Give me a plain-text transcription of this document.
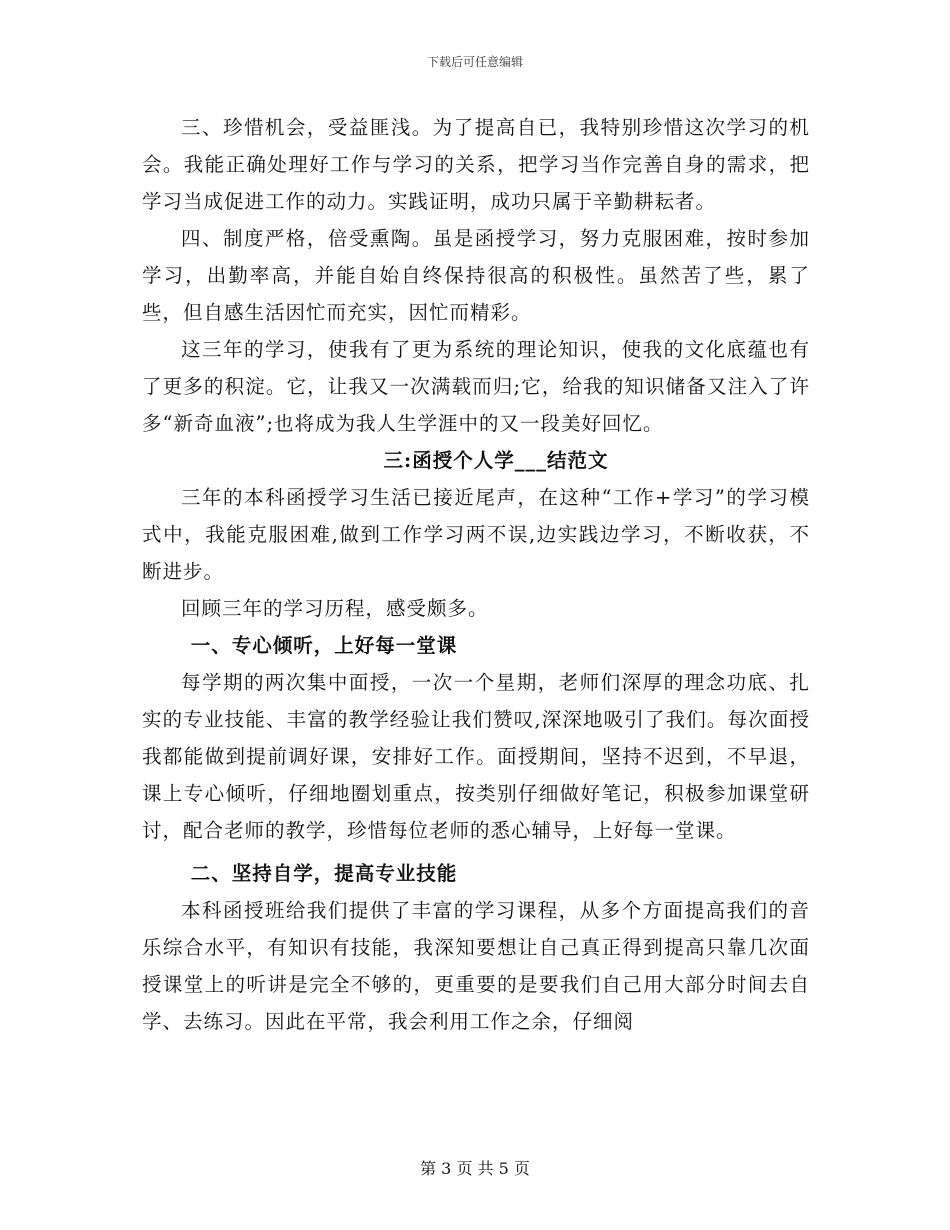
下载后可任意编辑

三、珍惜机会，受益匪浅。为了提高自已，我特别珍惜这次学习的机会。我能正确处理好工作与学习的关系，把学习当作完善自身的需求，把学习当成促进工作的动力。实践证明，成功只属于辛勤耕耘者。

四、制度严格，倍受熏陶。虽是函授学习，努力克服困难，按时参加学习，出勤率高，并能自始自终保持很高的积极性。虽然苦了些，累了些，但自感生活因忙而充实，因忙而精彩。

这三年的学习，使我有了更为系统的理论知识，使我的文化底蕴也有了更多的积淀。它，让我又一次满载而归;它，给我的知识储备又注入了许多“新奇血液”;也将成为我人生学涯中的又一段美好回忆。

三:函授个人学___结范文

三年的本科函授学习生活已接近尾声，在这种“工作+学习”的学习模式中，我能克服困难,做到工作学习两不误,边实践边学习，不断收获，不断进步。

回顾三年的学习历程，感受颇多。

一、专心倾听，上好每一堂课

每学期的两次集中面授，一次一个星期，老师们深厚的理念功底、扎实的专业技能、丰富的教学经验让我们赞叹,深深地吸引了我们。每次面授我都能做到提前调好课，安排好工作。面授期间，坚持不迟到，不早退，课上专心倾听，仔细地圈划重点，按类别仔细做好笔记，积极参加课堂研讨，配合老师的教学，珍惜每位老师的悉心辅导，上好每一堂课。

二、坚持自学，提高专业技能

本科函授班给我们提供了丰富的学习课程，从多个方面提高我们的音乐综合水平，有知识有技能，我深知要想让自己真正得到提高只靠几次面授课堂上的听讲是完全不够的，更重要的是要我们自己用大部分时间去自学、去练习。因此在平常，我会利用工作之余，仔细阅

第 3 页 共 5 页
